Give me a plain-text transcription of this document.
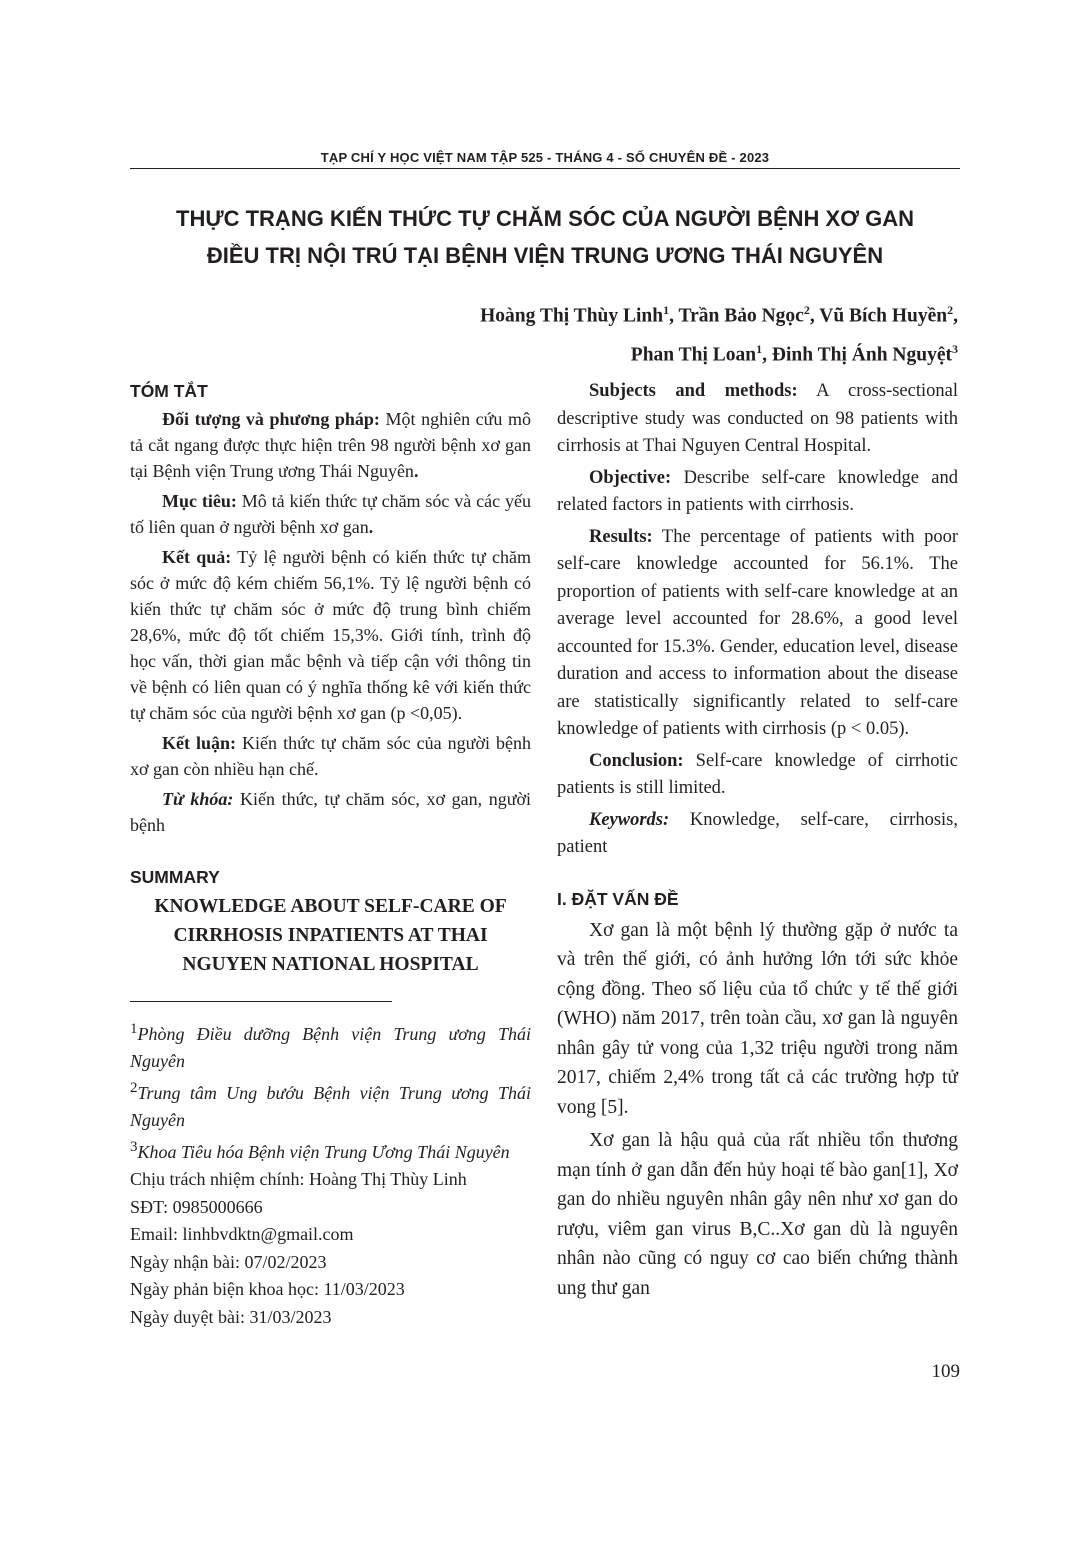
TẠP CHÍ Y HỌC VIỆT NAM TẬP 525 - THÁNG 4 - SỐ CHUYÊN ĐỀ - 2023
THỰC TRẠNG KIẾN THỨC TỰ CHĂM SÓC CỦA NGƯỜI BỆNH XƠ GAN
ĐIỀU TRỊ NỘI TRÚ TẠI BỆNH VIỆN TRUNG ƯƠNG THÁI NGUYÊN
Hoàng Thị Thùy Linh$^1$, Trần Bảo Ngọc$^2$, Vũ Bích Huyền$^2$,
Phan Thị Loan$^1$, Đinh Thị Ánh Nguyệt$^3$
TÓM TẮT

Đối tượng và phương pháp: Một nghiên cứu mô tả cắt ngang được thực hiện trên 98 người bệnh xơ gan tại Bệnh viện Trung ương Thái Nguyên.

Mục tiêu: Mô tả kiến thức tự chăm sóc và các yếu tố liên quan ở người bệnh xơ gan.

Kết quả: Tỷ lệ người bệnh có kiến thức tự chăm sóc ở mức độ kém chiếm 56,1%. Tỷ lệ người bệnh có kiến thức tự chăm sóc ở mức độ trung bình chiếm 28,6%, mức độ tốt chiếm 15,3%. Giới tính, trình độ học vấn, thời gian mắc bệnh và tiếp cận với thông tin về bệnh có liên quan có ý nghĩa thống kê với kiến thức tự chăm sóc của người bệnh xơ gan (p <0,05).

Kết luận: Kiến thức tự chăm sóc của người bệnh xơ gan còn nhiều hạn chế.

Từ khóa: Kiến thức, tự chăm sóc, xơ gan, người bệnh

SUMMARY
KNOWLEDGE ABOUT SELF-CARE OF
CIRRHOSIS INPATIENTS AT THAI
NGUYEN NATIONAL HOSPITAL

$^1$Phòng Điều dưỡng Bệnh viện Trung ương Thái Nguyên

$^2$Trung tâm Ung bướu Bệnh viện Trung ương Thái Nguyên

$^3$Khoa Tiêu hóa Bệnh viện Trung Ương Thái Nguyên

Chịu trách nhiệm chính: Hoàng Thị Thùy Linh

SĐT: 0985000666

Email: linhbvdktn@gmail.com

Ngày nhận bài: 07/02/2023

Ngày phản biện khoa học: 11/03/2023

Ngày duyệt bài: 31/03/2023

Subjects and methods: A cross-sectional descriptive study was conducted on 98 patients with cirrhosis at Thai Nguyen Central Hospital.

Objective: Describe self-care knowledge and related factors in patients with cirrhosis.

Results: The percentage of patients with poor self-care knowledge accounted for 56.1%. The proportion of patients with self-care knowledge at an average level accounted for 28.6%, a good level accounted for 15.3%. Gender, education level, disease duration and access to information about the disease are statistically significantly related to self-care knowledge of patients with cirrhosis (p < 0.05).

Conclusion: Self-care knowledge of cirrhotic patients is still limited.

Keywords: Knowledge, self-care, cirrhosis, patient

I. ĐẶT VẤN ĐỀ

Xơ gan là một bệnh lý thường gặp ở nước ta và trên thế giới, có ảnh hưởng lớn tới sức khỏe cộng đồng. Theo số liệu của tổ chức y tế thế giới (WHO) năm 2017, trên toàn cầu, xơ gan là nguyên nhân gây tử vong của 1,32 triệu người trong năm 2017, chiếm 2,4% trong tất cả các trường hợp tử vong [5].

Xơ gan là hậu quả của rất nhiều tổn thương mạn tính ở gan dẫn đến hủy hoại tế bào gan[1], Xơ gan do nhiều nguyên nhân gây nên như xơ gan do rượu, viêm gan virus B,C..Xơ gan dù là nguyên nhân nào cũng có nguy cơ cao biến chứng thành ung thư gan

109
